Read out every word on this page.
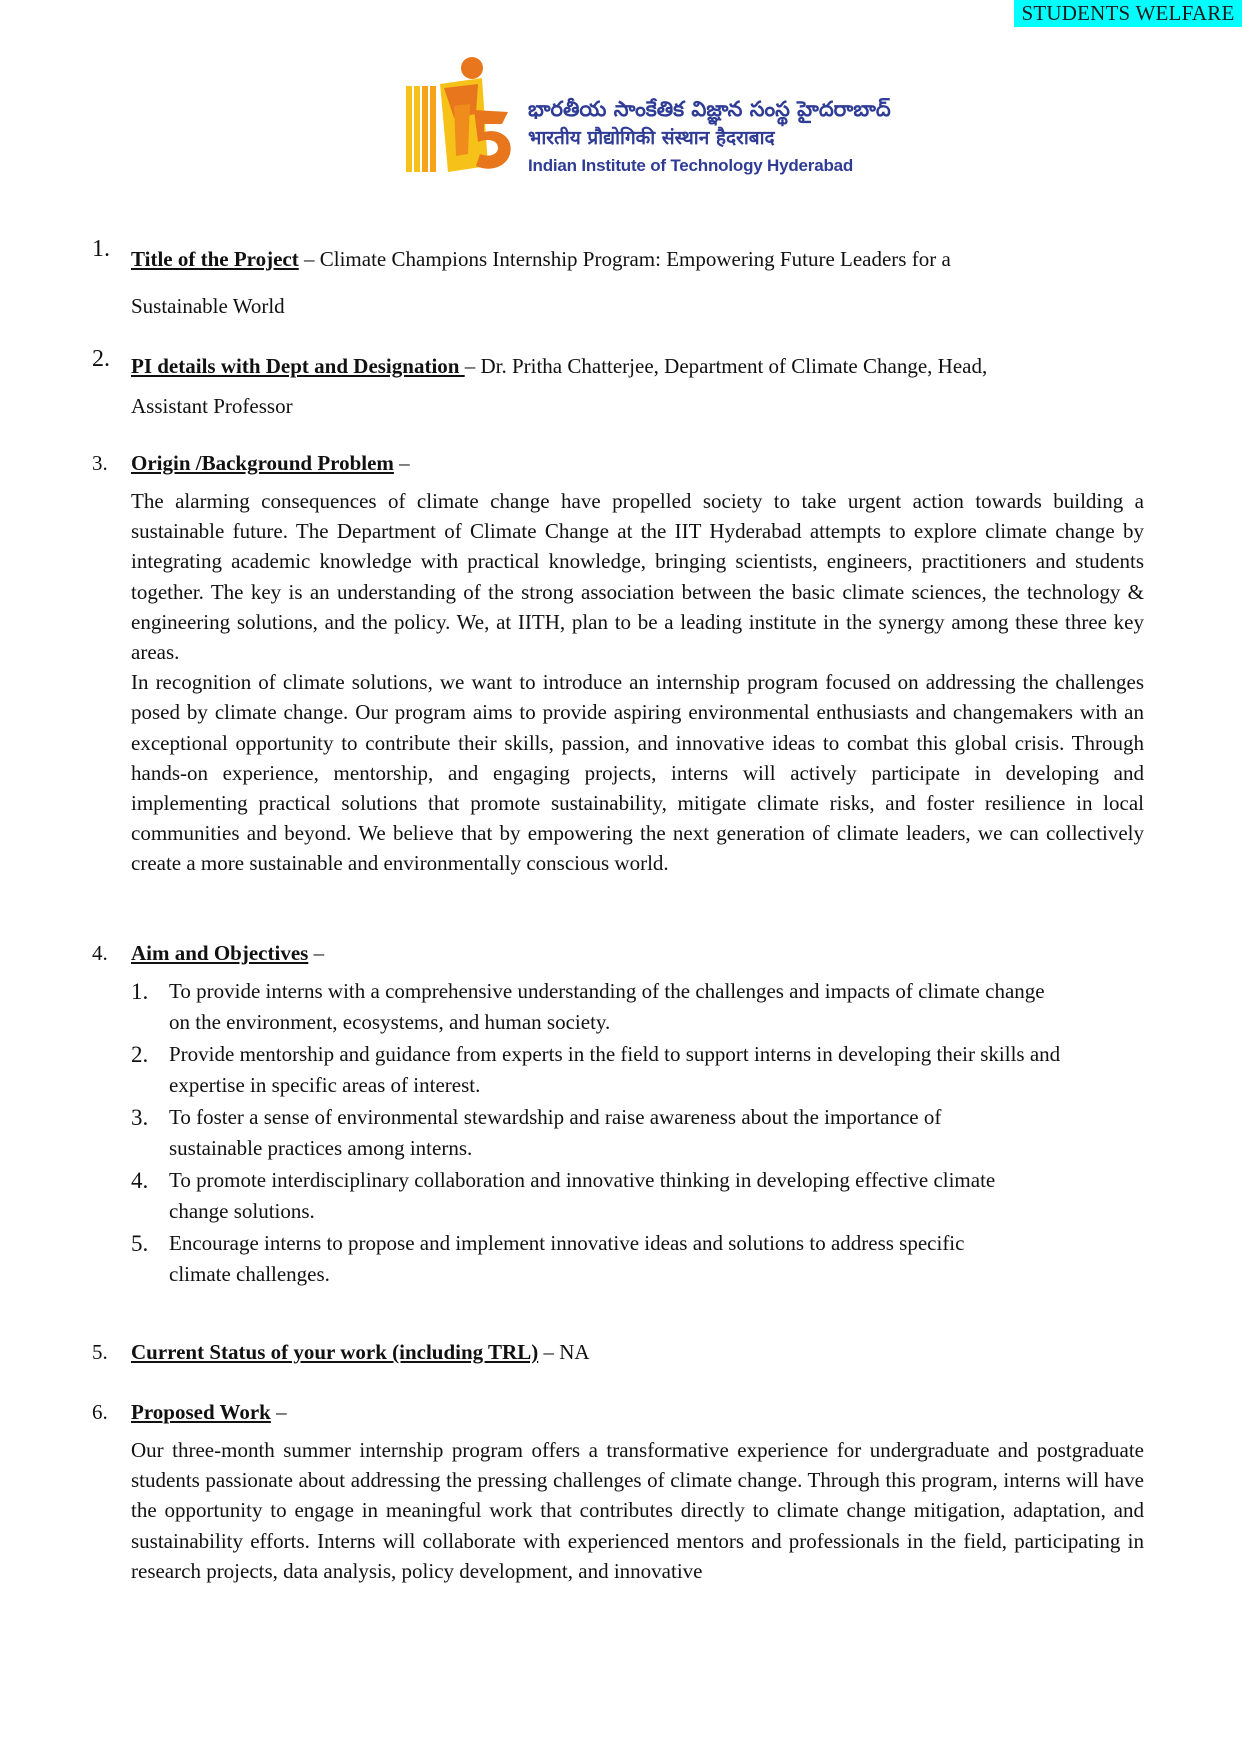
STUDENTS WELFARE
భారతీయ సాంకేతిక విజ్ఞాన సంస్థ హైదరాబాద్
भारतीय प्रौद्योगिकी संस्थान हैदराबाद
Indian Institute of Technology Hyderabad
1. Title of the Project – Climate Champions Internship Program: Empowering Future Leaders for a
Sustainable World
2. PI details with Dept and Designation – Dr. Pritha Chatterjee, Department of Climate Change, Head,
Assistant Professor
3.	Origin /Background Problem –

The alarming consequences of climate change have propelled society to take urgent action towards building a sustainable future. The Department of Climate Change at the IIT Hyderabad attempts to explore climate change by integrating academic knowledge with practical knowledge, bringing scientists, engineers, practitioners and students together. The key is an understanding of the strong association between the basic climate sciences, the technology & engineering solutions, and the policy. We, at IITH, plan to be a leading institute in the synergy among these three key areas.

In recognition of climate solutions, we want to introduce an internship program focused on addressing the challenges posed by climate change. Our program aims to provide aspiring environmental enthusiasts and changemakers with an exceptional opportunity to contribute their skills, passion, and innovative ideas to combat this global crisis. Through hands-on experience, mentorship, and engaging projects, interns will actively participate in developing and implementing practical solutions that promote sustainability, mitigate climate risks, and foster resilience in local communities and beyond. We believe that by empowering the next generation of climate leaders, we can collectively create a more sustainable and environmentally conscious world.

4.	Aim and Objectives –
1. To provide interns with a comprehensive understanding of the challenges and impacts of climate change
on the environment, ecosystems, and human society.
2. Provide mentorship and guidance from experts in the field to support interns in developing their skills and
expertise in specific areas of interest.
3. To foster a sense of environmental stewardship and raise awareness about the importance of
sustainable practices among interns.
4. To promote interdisciplinary collaboration and innovative thinking in developing effective climate
change solutions.
5. Encourage interns to propose and implement innovative ideas and solutions to address specific
climate challenges.
5.	Current Status of your work (including TRL) – NA
6.	Proposed Work –

Our three-month summer internship program offers a transformative experience for undergraduate and postgraduate students passionate about addressing the pressing challenges of climate change. Through this program, interns will have the opportunity to engage in meaningful work that contributes directly to climate change mitigation, adaptation, and sustainability efforts. Interns will collaborate with experienced mentors and professionals in the field, participating in research projects, data analysis, policy development, and innovative
